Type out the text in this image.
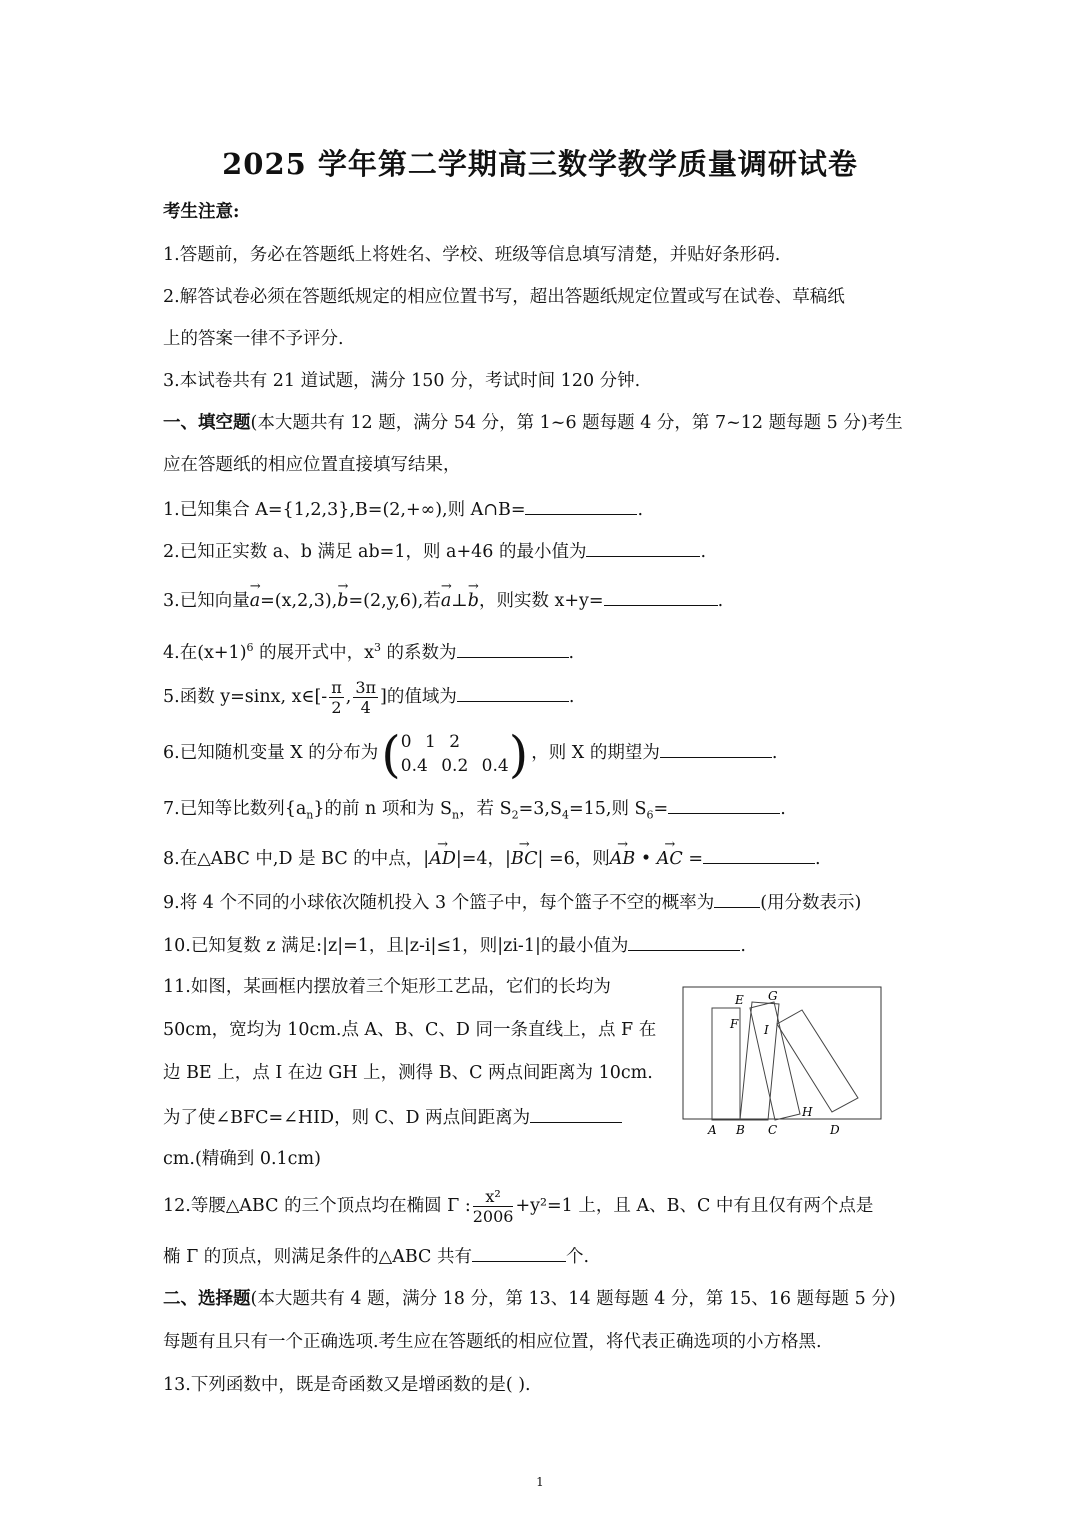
2025 学年第二学期高三数学教学质量调研试卷
考生注意:
1.答题前，务必在答题纸上将姓名、学校、班级等信息填写清楚，并贴好条形码.
2.解答试卷必须在答题纸规定的相应位置书写，超出答题纸规定位置或写在试卷、草稿纸
上的答案一律不予评分.
3.本试卷共有 21 道试题，满分 150 分，考试时间 120 分钟.
一、填空题(本大题共有 12 题，满分 54 分，第 1~6 题每题 4 分，第 7~12 题每题 5 分)考生
应在答题纸的相应位置直接填写结果，
1.已知集合 A={1,2,3},B=(2,+∞),则 A∩B=	.
2.已知正实数 a、b 满足 ab=1，则 a+46 的最小值为	.
3.已知向量→ a=(x,2,3),→ b=(2,y,6),若→ a⊥→ b，则实数 x+y=	.
4.在$(x+1)^6$ 的展开式中，$x^3$ 的系数为	.
5.函数 y=sinx, x∈[- $\frac{\pi}{2}$ , $\frac{3\pi}{4}$ ]的值域为	.
6.已知随机变量 X 的分布为( 0 1 2
0.4 0.2 0.4 ) ，则 X 的期望为	.
7.已知等比数列$\{a_n\}$的前 n 项和为 $S_n$，若 $S_2=3,S_4=15$,则 $S_6=$	.
8.在△ABC 中,D 是 BC 的中点，|→ AD|=4，|→ BC| =6，则→ AB • → AC =	.
9.将 4 个不同的小球依次随机投入 3 个篮子中，每个篮子不空的概率为	(用分数表示)
10.已知复数 z 满足:|z|=1，且|z-i|≤1，则|zi-1|的最小值为	.
11.如图，某画框内摆放着三个矩形工艺品，它们的长均为
50cm，宽均为 10cm.点 A、B、C、D 同一条直线上，点 F 在
边 BE 上，点 I 在边 GH 上，测得 B、C 两点间距离为 10cm.
为了使∠BFC=∠HID，则 C、D 两点间距离为
cm.(精确到 0.1cm)
A B C	D
E
F
G
H
I
12.等腰△ABC 的三个顶点均在椭圆 Γ : $\frac{\text{x²}}{2006} +y^2=1$ 上，且 A、B、C 中有且仅有两个点是
椭 Γ 的顶点，则满足条件的△ABC 共有	个.
二、选择题(本大题共有 4 题，满分 18 分，第 13、14 题每题 4 分，第 15、16 题每题 5 分)
每题有且只有一个正确选项.考生应在答题纸的相应位置，将代表正确选项的小方格黑.
13.下列函数中，既是奇函数又是增函数的是( ).
1
